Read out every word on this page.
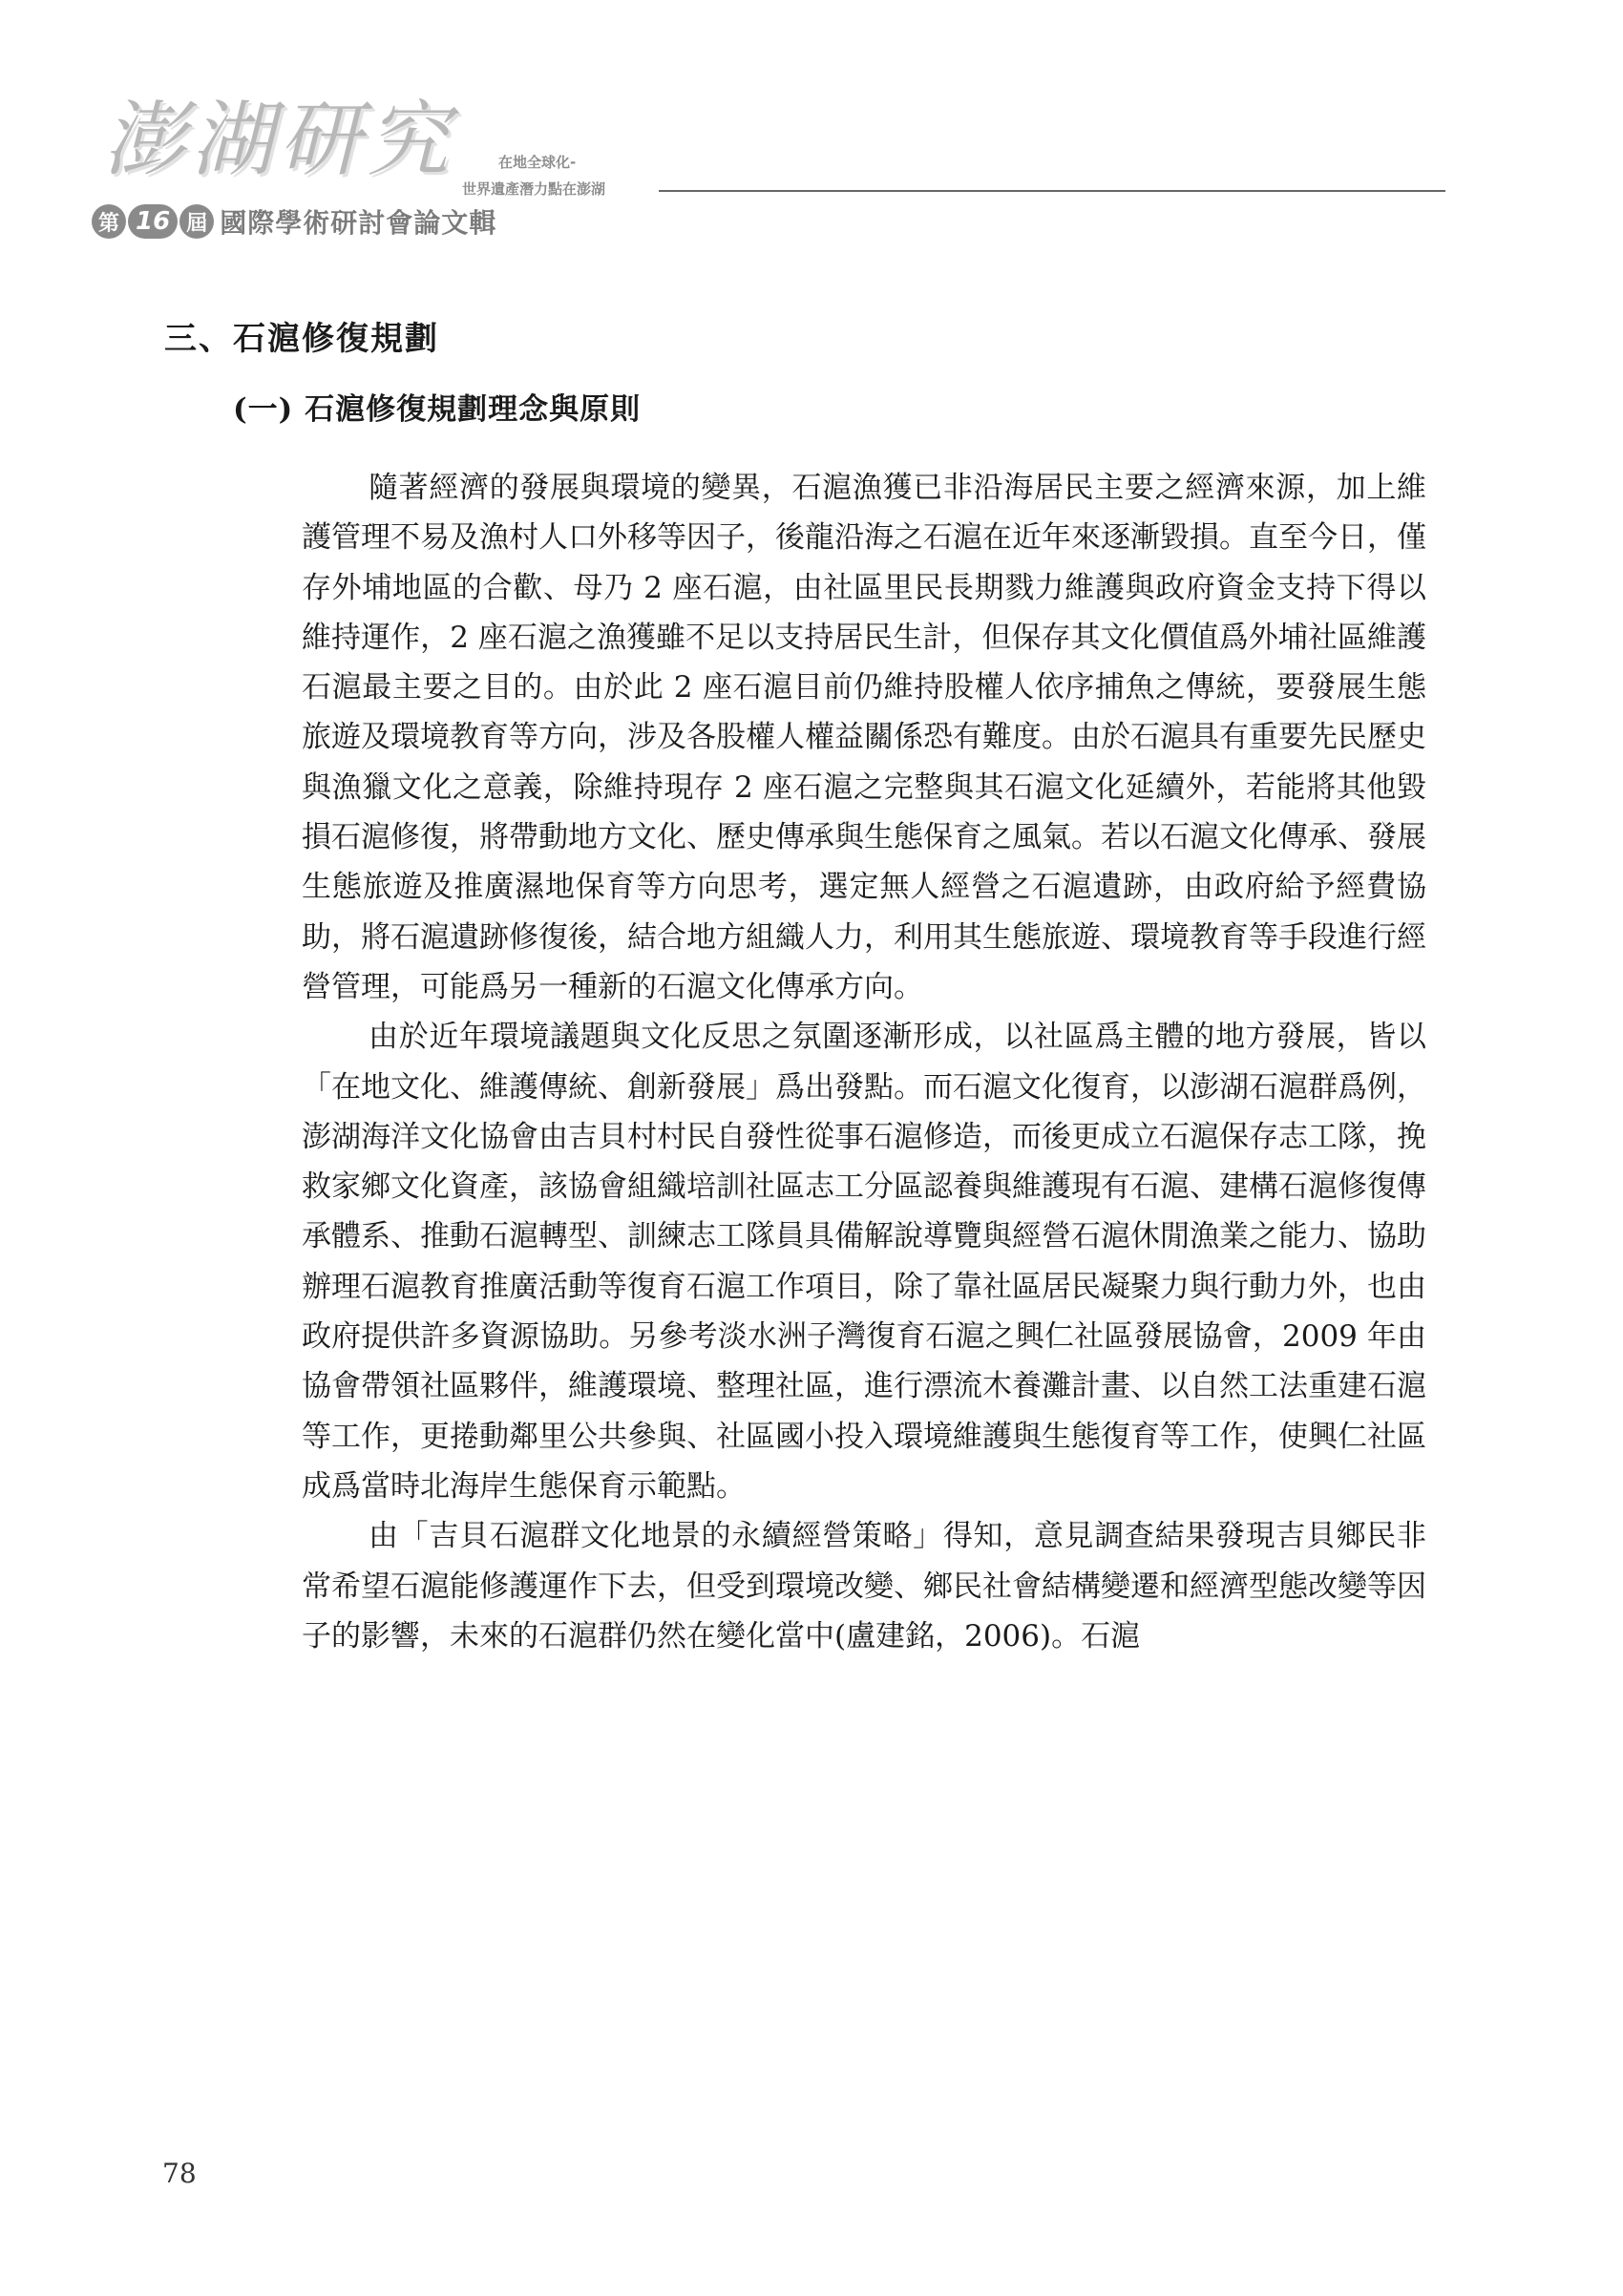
澎湖研究
第 16 屆 國際學術研討會論文輯
在地全球化-
世界遺產潛力點在澎湖
三、石滬修復規劃
(一) 石滬修復規劃理念與原則

隨著經濟的發展與環境的變異，石滬漁獲已非沿海居民主要之經濟來源，加上維護管理不易及漁村人口外移等因子，後龍沿海之石滬在近年來逐漸毀損。直至今日，僅存外埔地區的合歡、母乃 2 座石滬，由社區里民長期戮力維護與政府資金支持下得以維持運作，2 座石滬之漁獲雖不足以支持居民生計，但保存其文化價值爲外埔社區維護石滬最主要之目的。由於此 2 座石滬目前仍維持股權人依序捕魚之傳統，要發展生態旅遊及環境教育等方向，涉及各股權人權益關係恐有難度。由於石滬具有重要先民歷史與漁獵文化之意義，除維持現存 2 座石滬之完整與其石滬文化延續外，若能將其他毀損石滬修復，將帶動地方文化、歷史傳承與生態保育之風氣。若以石滬文化傳承、發展生態旅遊及推廣濕地保育等方向思考，選定無人經營之石滬遺跡，由政府給予經費協助，將石滬遺跡修復後，結合地方組織人力，利用其生態旅遊、環境教育等手段進行經營管理，可能爲另一種新的石滬文化傳承方向。

由於近年環境議題與文化反思之氛圍逐漸形成，以社區爲主體的地方發展，皆以「在地文化、維護傳統、創新發展」爲出發點。而石滬文化復育，以澎湖石滬群爲例，澎湖海洋文化協會由吉貝村村民自發性從事石滬修造，而後更成立石滬保存志工隊，挽救家鄉文化資產，該協會組織培訓社區志工分區認養與維護現有石滬、建構石滬修復傳承體系、推動石滬轉型、訓練志工隊員具備解說導覽與經營石滬休閒漁業之能力、協助辦理石滬教育推廣活動等復育石滬工作項目，除了靠社區居民凝聚力與行動力外，也由政府提供許多資源協助。另參考淡水洲子灣復育石滬之興仁社區發展協會，2009 年由協會帶領社區夥伴，維護環境、整理社區，進行漂流木養灘計畫、以自然工法重建石滬等工作，更捲動鄰里公共參與、社區國小投入環境維護與生態復育等工作，使興仁社區成爲當時北海岸生態保育示範點。

由「吉貝石滬群文化地景的永續經營策略」得知，意見調查結果發現吉貝鄉民非常希望石滬能修護運作下去，但受到環境改變、鄉民社會結構變遷和經濟型態改變等因子的影響，未來的石滬群仍然在變化當中(盧建銘，2006)。石滬

78
